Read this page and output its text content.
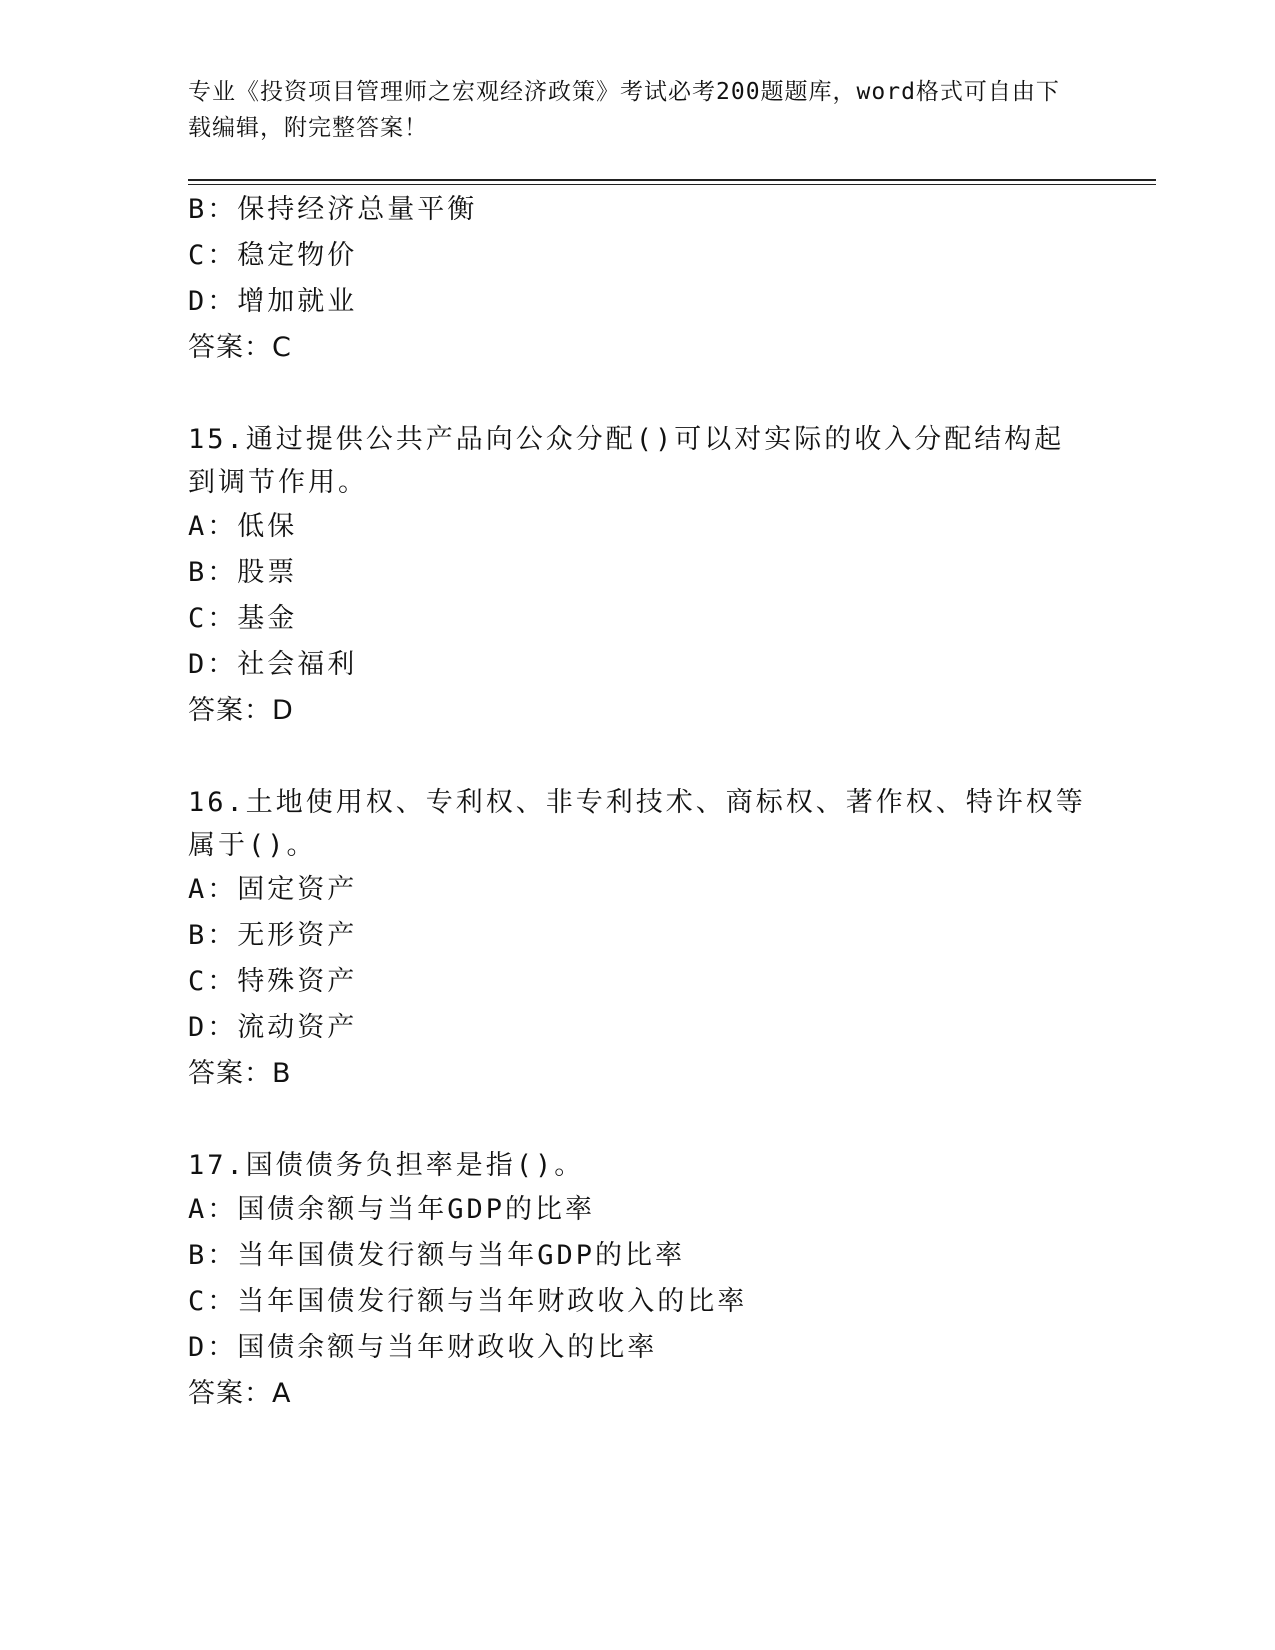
专业《投资项目管理师之宏观经济政策》考试必考200题题库，word格式可自由下载编辑，附完整答案！

B：保持经济总量平衡

C：稳定物价

D：增加就业

答案：C

15.通过提供公共产品向公众分配()可以对实际的收入分配结构起到调节作用。

A：低保

B：股票

C：基金

D：社会福利

答案：D

16.土地使用权、专利权、非专利技术、商标权、著作权、特许权等属于()。

A：固定资产

B：无形资产

C：特殊资产

D：流动资产

答案：B

17.国债债务负担率是指()。

A：国债余额与当年GDP的比率

B：当年国债发行额与当年GDP的比率

C：当年国债发行额与当年财政收入的比率

D：国债余额与当年财政收入的比率

答案：A
